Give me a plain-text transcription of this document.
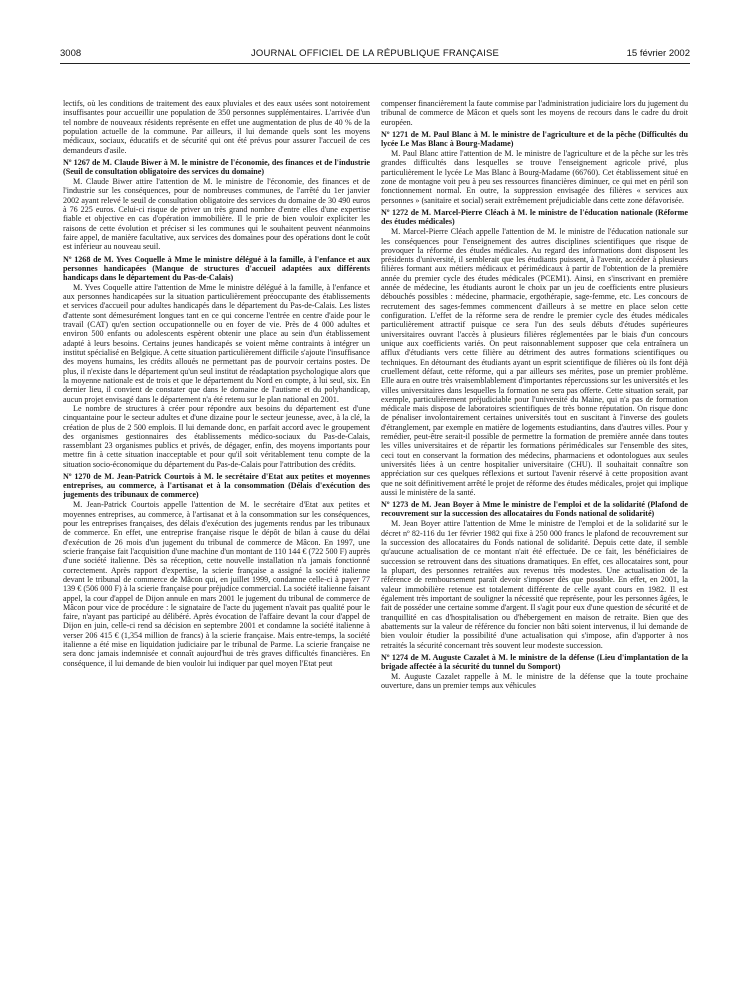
3008	JOURNAL OFFICIEL DE LA RÉPUBLIQUE FRANÇAISE	15 février 2002

lectifs, où les conditions de traitement des eaux pluviales et des eaux usées sont notoirement insuffisantes pour accueillir une population de 350 personnes supplémentaires. L'arrivée d'un tel nombre de nouveaux résidents représente en effet une augmentation de plus de 40 % de la population actuelle de la commune. Par ailleurs, il lui demande quels sont les moyens médicaux, sociaux, éducatifs et de sécurité qui ont été prévus pour assurer l'accueil de ces demandeurs d'asile.

Nº 1267 de M. Claude Biwer à M. le ministre de l'économie, des finances et de l'industrie (Seuil de consultation obligatoire des services du domaine)

M. Claude Biwer attire l'attention de M. le ministre de l'économie, des finances et de l'industrie sur les conséquences, pour de nombreuses communes, de l'arrêté du 1er janvier 2002 ayant relevé le seuil de consultation obligatoire des services du domaine de 30 490 euros à 76 225 euros. Celui-ci risque de priver un très grand nombre d'entre elles d'une expertise fiable et objective en cas d'opération immobilière. Il le prie de bien vouloir expliciter les raisons de cette évolution et préciser si les communes qui le souhaitent peuvent néanmoins faire appel, de manière facultative, aux services des domaines pour des opérations dont le coût est inférieur au nouveau seuil.

Nº 1268 de M. Yves Coquelle à Mme le ministre délégué à la famille, à l'enfance et aux personnes handicapées (Manque de structures d'accueil adaptées aux différents handicaps dans le département du Pas-de-Calais)

M. Yves Coquelle attire l'attention de Mme le ministre délégué à la famille, à l'enfance et aux personnes handicapées sur la situation particulièrement préoccupante des établissements et services d'accueil pour adultes handicapés dans le département du Pas-de-Calais. Les listes d'attente sont démesurément longues tant en ce qui concerne l'entrée en centre d'aide pour le travail (CAT) qu'en section occupationnelle ou en foyer de vie. Près de 4 000 adultes et environ 500 enfants ou adolescents espèrent obtenir une place au sein d'un établissement adapté à leurs besoins. Certains jeunes handicapés se voient même contraints à intégrer un institut spécialisé en Belgique. A cette situation particulièrement difficile s'ajoute l'insuffisance des moyens humains, les crédits alloués ne permettant pas de pourvoir certains postes. De plus, il n'existe dans le département qu'un seul institut de réadaptation psychologique alors que la moyenne nationale est de trois et que le département du Nord en compte, à lui seul, six. En dernier lieu, il convient de constater que dans le domaine de l'autisme et du polyhandicap, aucun projet envisagé dans le département n'a été retenu sur le plan national en 2001.

Le nombre de structures à créer pour répondre aux besoins du département est d'une cinquantaine pour le secteur adultes et d'une dizaine pour le secteur jeunesse, avec, à la clé, la création de plus de 2 500 emplois. Il lui demande donc, en parfait accord avec le groupement des organismes gestionnaires des établissements médico-sociaux du Pas-de-Calais, rassemblant 23 organismes publics et privés, de dégager, enfin, des moyens importants pour mettre fin à cette situation inacceptable et pour qu'il soit véritablement tenu compte de la situation socio-économique du département du Pas-de-Calais pour l'attribution des crédits.

Nº 1270 de M. Jean-Patrick Courtois à M. le secrétaire d'Etat aux petites et moyennes entreprises, au commerce, à l'artisanat et à la consommation (Délais d'exécution des jugements des tribunaux de commerce)

M. Jean-Patrick Courtois appelle l'attention de M. le secrétaire d'Etat aux petites et moyennes entreprises, au commerce, à l'artisanat et à la consommation sur les conséquences, pour les entreprises françaises, des délais d'exécution des jugements rendus par les tribunaux de commerce. En effet, une entreprise française risque le dépôt de bilan à cause du délai d'exécution de 26 mois d'un jugement du tribunal de commerce de Mâcon. En 1997, une scierie française fait l'acquisition d'une machine d'un montant de 110 144 € (722 500 F) auprès d'une société italienne. Dès sa réception, cette nouvelle installation n'a jamais fonctionné correctement. Après rapport d'expertise, la scierie française a assigné la société italienne devant le tribunal de commerce de Mâcon qui, en juillet 1999, condamne celle-ci à payer 77 139 € (506 000 F) à la scierie française pour préjudice commercial. La société italienne faisant appel, la cour d'appel de Dijon annule en mars 2001 le jugement du tribunal de commerce de Mâcon pour vice de procédure : le signataire de l'acte du jugement n'avait pas qualité pour le faire, n'ayant pas participé au délibéré. Après évocation de l'affaire devant la cour d'appel de Dijon en juin, celle-ci rend sa décision en septembre 2001 et condamne la société italienne à verser 206 415 € (1,354 million de francs) à la scierie française. Mais entre-temps, la société italienne a été mise en liquidation judiciaire par le tribunal de Parme. La scierie française ne sera donc jamais indemnisée et connaît aujourd'hui de très graves difficultés financières. En conséquence, il lui demande de bien vouloir lui indiquer par quel moyen l'Etat peut

compenser financièrement la faute commise par l'administration judiciaire lors du jugement du tribunal de commerce de Mâcon et quels sont les moyens de recours dans le cadre du droit européen.

Nº 1271 de M. Paul Blanc à M. le ministre de l'agriculture et de la pêche (Difficultés du lycée Le Mas Blanc à Bourg-Madame)

M. Paul Blanc attire l'attention de M. le ministre de l'agriculture et de la pêche sur les très grandes difficultés dans lesquelles se trouve l'enseignement agricole privé, plus particulièrement le lycée Le Mas Blanc à Bourg-Madame (66760). Cet établissement situé en zone de montagne voit peu à peu ses ressources financières diminuer, ce qui met en péril son fonctionnement normal. En outre, la suppression envisagée des filières « services aux personnes » (sanitaire et social) serait extrêmement préjudiciable dans cette zone défavorisée.

Nº 1272 de M. Marcel-Pierre Cléach à M. le ministre de l'éducation nationale (Réforme des études médicales)

M. Marcel-Pierre Cléach appelle l'attention de M. le ministre de l'éducation nationale sur les conséquences pour l'enseignement des autres disciplines scientifiques que risque de provoquer la réforme des études médicales. Au regard des informations dont disposent les présidents d'université, il semblerait que les étudiants puissent, à l'avenir, accéder à plusieurs filières formant aux métiers médicaux et périmédicaux à partir de l'obtention de la première année du premier cycle des études médicales (PCEM1). Ainsi, en s'inscrivant en première année de médecine, les étudiants auront le choix par un jeu de coefficients entre plusieurs débouchés possibles : médecine, pharmacie, ergothérapie, sage-femme, etc. Les concours de recrutement des sages-femmes commencent d'ailleurs à se mettre en place selon cette configuration. L'effet de la réforme sera de rendre le premier cycle des études médicales particulièrement attractif puisque ce sera l'un des seuls débuts d'études supérieures universitaires ouvrant l'accès à plusieurs filières réglementées par le biais d'un concours unique aux coefficients variés. On peut raisonnablement supposer que cela entraînera un afflux d'étudiants vers cette filière au détriment des autres formations scientifiques ou techniques. En détournant des étudiants ayant un esprit scientifique de filières où ils font déjà cruellement défaut, cette réforme, qui a par ailleurs ses mérites, pose un premier problème. Elle aura en outre très vraisemblablement d'importantes répercussions sur les universités et les villes universitaires dans lesquelles la formation ne sera pas offerte. Cette situation serait, par exemple, particulièrement préjudiciable pour l'université du Maine, qui n'a pas de formation médicale mais dispose de laboratoires scientifiques de très bonne réputation. On risque donc de pénaliser involontairement certaines universités tout en suscitant à l'inverse des goulets d'étranglement, par exemple en matière de logements estudiantins, dans d'autres villes. Pour y remédier, peut-être serait-il possible de permettre la formation de première année dans toutes les villes universitaires et de répartir les formations périmédicales sur l'ensemble des sites, ceci tout en conservant la formation des médecins, pharmaciens et odontologues aux seules universités liées à un centre hospitalier universitaire (CHU). Il souhaitait connaître son appréciation sur ces quelques réflexions et surtout l'avenir réservé à cette proposition avant que ne soit définitivement arrêté le projet de réforme des études médicales, projet qui implique aussi le ministère de la santé.

Nº 1273 de M. Jean Boyer à Mme le ministre de l'emploi et de la solidarité (Plafond de recouvrement sur la succession des allocataires du Fonds national de solidarité)

M. Jean Boyer attire l'attention de Mme le ministre de l'emploi et de la solidarité sur le décret nº 82-116 du 1er février 1982 qui fixe à 250 000 francs le plafond de recouvrement sur la succession des allocataires du Fonds national de solidarité. Depuis cette date, il semble qu'aucune actualisation de ce montant n'ait été effectuée. De ce fait, les bénéficiaires de succession se retrouvent dans des situations dramatiques. En effet, ces allocataires sont, pour la plupart, des personnes retraitées aux revenus très modestes. Une actualisation de la référence de remboursement paraît devoir s'imposer dès que possible. En effet, en 2001, la valeur immobilière retenue est totalement différente de celle ayant cours en 1982. Il est également très important de souligner la nécessité que représente, pour les personnes âgées, le fait de posséder une certaine somme d'argent. Il s'agit pour eux d'une question de sécurité et de tranquillité en cas d'hospitalisation ou d'hébergement en maison de retraite. Bien que des abattements sur la valeur de référence du foncier non bâti soient intervenus, il lui demande de bien vouloir étudier la possibilité d'une actualisation qui s'impose, afin d'apporter à nos retraités la sécurité concernant très souvent leur modeste succession.

Nº 1274 de M. Auguste Cazalet à M. le ministre de la défense (Lieu d'implantation de la brigade affectée à la sécurité du tunnel du Somport)

M. Auguste Cazalet rappelle à M. le ministre de la défense que la toute prochaine ouverture, dans un premier temps aux véhicules
